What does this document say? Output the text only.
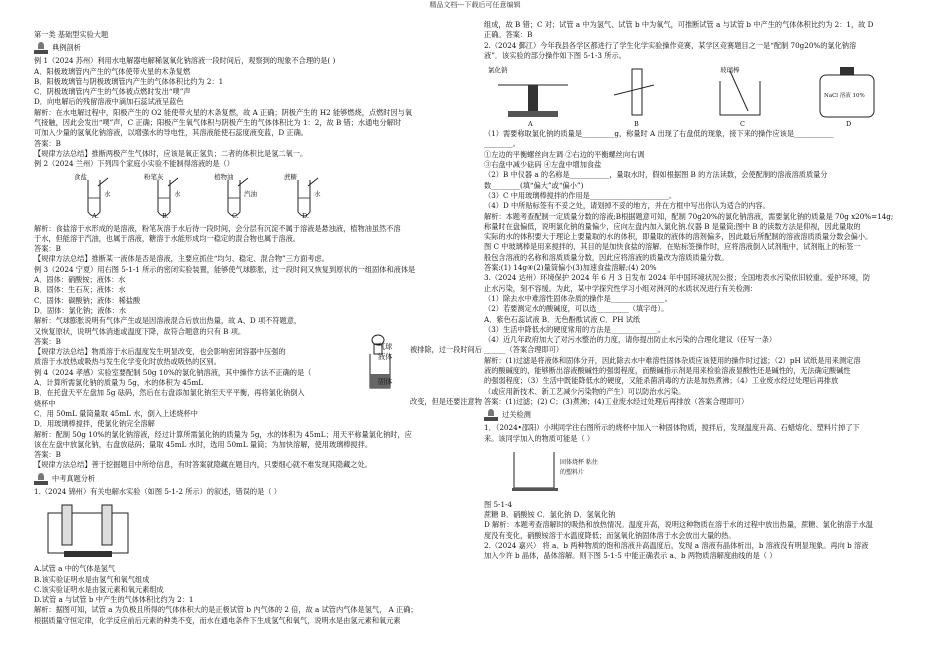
精品文档---下载后可任意编辑
第一类 基础型实验大题
典例剖析
例 1（2024 苏州）利用水电解器电解稀氢氧化钠溶液一段时间后，观察到的现象不合理的是( )
A．阳极玻璃管内产生的气体使带火星的木条复燃
B．阳极玻璃管与阴极玻璃管内产生的气体体积比约为 2：1
C．阴极玻璃管内产生的气体被点燃时发出“噗”声
D．向电解后的残留溶液中滴加石蕊试液呈蓝色
解析：在水电解过程中，阳极产生的 O2 能使带火星的木条复燃，故 A 正确；阴极产生的 H2 能够燃烧，点燃时因与氧
气接触，因此会发出“噗”声，C 正确；阳极产生氧气体积与阴极产生的气体体积比为 1：2，故 B 错；水通电分解时
可加入少量的氢氧化钠溶液，以增强水的导电性，其溶液能使石蕊度液变蓝，D 正确。
答案：B
【规律方法总结】推断两极产生气体时，应该是氧正氢负；二者的体积比是氢二氧一。
例 2（2024 兰州）下列四个家庭小实验不能制得溶液的是（）
食盐
水
A.
粉笔灰
水
B.
植物油
汽油
C.
蔗糖
水
D.
解析：食盐溶于水形成的是溶液，粉笔灰溶于水后待一段时间，会分层有沉淀不属于溶液是悬浊液，植物油虽然不溶
于水，但能溶于汽油，也属于溶液，糖溶于水能形成均一稳定的混合物也属于溶液。
答案：B
【规律方法总结】推断某一液体是否是溶液，主要应抓住“均匀、稳定、混合物”三方面考虑。
例 3（2024 宁夏）用右图 5-1-1 所示的密闭实验装置，能够使气球膨胀，过一段时间又恢复到原状的一组固体和液体是
A．固体：硝酸铵；液体：水
B．固体：生石灰；液体：水
C．固体：碳酸钠；液体：稀盐酸
D．固体：氯化钠；液体：水
解析：气球膨胀说明有气体产生或是因溶液混合后放出热量，故 A、D 项不符题意，
又恢复原状，说明气体消逝或温度下降，故符合题意的只有 B 项。
答案：B
【规律方法总结】物质溶于水后温度发生明显改变，也会影响密闭容器中压强的
质溶于水放热或吸热与发生化学变化时放热或吸热的区别。
例 4（2024 孝感）实验室要配制 50g 10%的氯化钠溶液，其中操作方法不正确的是（
A．计算所需氯化钠的质量为 5g，水的体积为 45mL
B．在托盘天平左盘加 5g 砝码，然后在右盘添加氯化钠至天平平衡，再将氯化钠倒入
烧杯中
C．用 50mL 量筒量取 45mL 水，倒入上述烧杯中
D．用玻璃棒搅拌，使氯化钠完全溶解
解析：配制 50g 10%的氯化钠溶液，经过计算所需氯化钠的质量为 5g，水的体积为 45mL；用天平称量氯化钠时，应
该在左盘中放氯化钠，右盘放砝码；量取 45mL 水时，选用 50mL 量筒；为加快溶解，使用玻璃棒搅拌。
答案：B
【规律方法总结】善于挖掘题目中所给信息，有时答案就隐藏在题目内，只要细心就不难发现其隐藏之处。
中考真题分析
1.（2024 锦州）有关电解水实验（如图 5-1-2 所示）的叙述，错误的是（ ）
A.试管 a 中的气体是氢气
B.该实验证明水是由氢气和氧气组成
C.该实验证明水是由氢元素和氧元素组成
D.试管 a 与试管 b 中产生的气体体积比约为 2：1
解析：据图可知，试管 a 为负极且所得的气体体积大的是正极试管 b 内气体的 2 倍，故 a 试管内气体是氢气， A 正确；
根据质量守恒定律，化学反应前后元素的种类不变，而水在通电条件下生成氢气和氧气，说明水是由氢元素和氧元素
组成，故 B 错；C 对；试管 a 中为氢气、试管 b 中为氧气，可推断试管 a 与试管 b 中产生的气体体积比约为 2：1，故 D
正确。答案：B
2.（2024 鄞江）今年我县各学区都进行了学生化学实验操作竞赛，某学区竞赛题目之一是“配制 70g20%的氯化钠溶
液”．该实验的部分操作如下图 5-1-3 所示。
氯化钠
A	B
玻璃棒
C
NaCl 溶液 10%
D
（1）需要称取氯化钠的质量是_________g，称量时 A 出现了右盘低的现象，接下来的操作应该是___________
________。
①左边的平衡螺丝向左调 ②右边的平衡螺丝向右调
③右盘中减少砝码 ④左盘中增加食盐
（2）B 中仪器 a 的名称是___________，量取水时，假如根据图 B 的方法读数，会使配制的溶液溶质质量分
数________(填“偏大”或“偏小”)
（3）C 中用玻璃棒搅拌的作用是______________________。
（4）D 中所贴标签有不妥之处，请划掉不妥的地方，并在方框中写出你认为适合的内容。
解析：本题考查配制一定质量分数的溶液;B根据题意可知，配制 70g20%的氯化钠溶液，需要氯化钠的质量是 70g x20%=14g;
称量时在盘偏低，说明氯化钠的量偏少，应向左盘内加入氯化钠.仪器 B 是量筒;图中 B 的读数方法是仰视，因此量取的
实际的水的体积要大于理论上要量取的水的体积，即量取的液体的溶剂偏多，因此最后所配制的溶液溶质质量分数会偏小。
图 C 中玻璃棒是用来搅拌的，其目的是加快食盐的溶解．在贴标签操作时，应将溶液倒入试剂瓶中，试剂瓶上的标签一
般包含溶液的名称和溶质质量分数，因此应将溶液的质量改为溶质质量分数。
答案:(1) 14g④(2)量筒偏小(3)加速食盐溶解;(4) 20%
3.（2024 达州）环境保护 2024 年 6 月 3 日发布 2024 年中国环境状况公报；全国地表水污染依旧较重。爱护环境，防
止水污染，刻不容缓。为此，某中学探究性学习小组对洲河的水质状况进行有关检测：
（1）除去水中难溶性固体杂质的操作是_______________。
（2）若要测定水的酸碱度，可以选_________（填字母）。
A．紫色石蕊试液 B．无色酚酞试液 C．PH 试纸
（3）生活中降低水的硬度常用的方法是_____________。
（4）近几年政府加大了对污水整治的力度，请你提出防止水污染的合理化建议（任写一条）
______（答案合理即可）
解析：(1)过滤是将液体和固体分开，因此除去水中难溶性固体杂质应该使用的操作时过滤；（2）pH 试纸是用来测定溶
液的酸碱度的，能够断出溶液酸碱性的强弱程度，而酸碱指示剂是用来检验溶液显酸性还是碱性的，无法确定酸碱性
的强弱程度；（3）生活中既能降低水的硬度，又能杀菌消毒的方法是加热煮沸；（4）工业废水经过处理后再排放
（或应用新技术、新工艺减少污染物的产生）可以防治水污染。
答案：(1)过滤；(2) C；(3)煮沸；(4)工业废水经过处理后再排放（答案合理即可）
过关检测
1．（2024•邵阳）小琪同学往右图所示的烧杯中加入一种固体物质，搅拌后，发现温度升高、石蜡熔化、塑料片掉了下
来。该同学加入的物质可能是（ ）
固体烧杯 粘住的塑料片
图 5-1-4
蔗糖 B．硝酸铵 C．氯化钠 D．氢氧化钠
D 解析：本题考查溶解时的吸热和放热情况。温度升高，说明这种物质在溶于水的过程中放出热量，蔗糖、氯化钠溶于水温
度没有变化，硝酸铵溶于水温度降低；而氢氧化钠固体溶于水会放出大量的热。
2.（2024 嘉兴） 将 a、b 两种物质的饱和溶液升高温度后，发现 a 溶液有晶体析出，b 溶液没有明显现象。再向 b 溶液
加入少许 b 晶体，晶体溶解。则下图 5-1-5 中能正确表示 a、b 两物质溶解度曲线的是（ ）
气球
液体
固体
被排除，过一段时间后
改变，但是还要注意物
